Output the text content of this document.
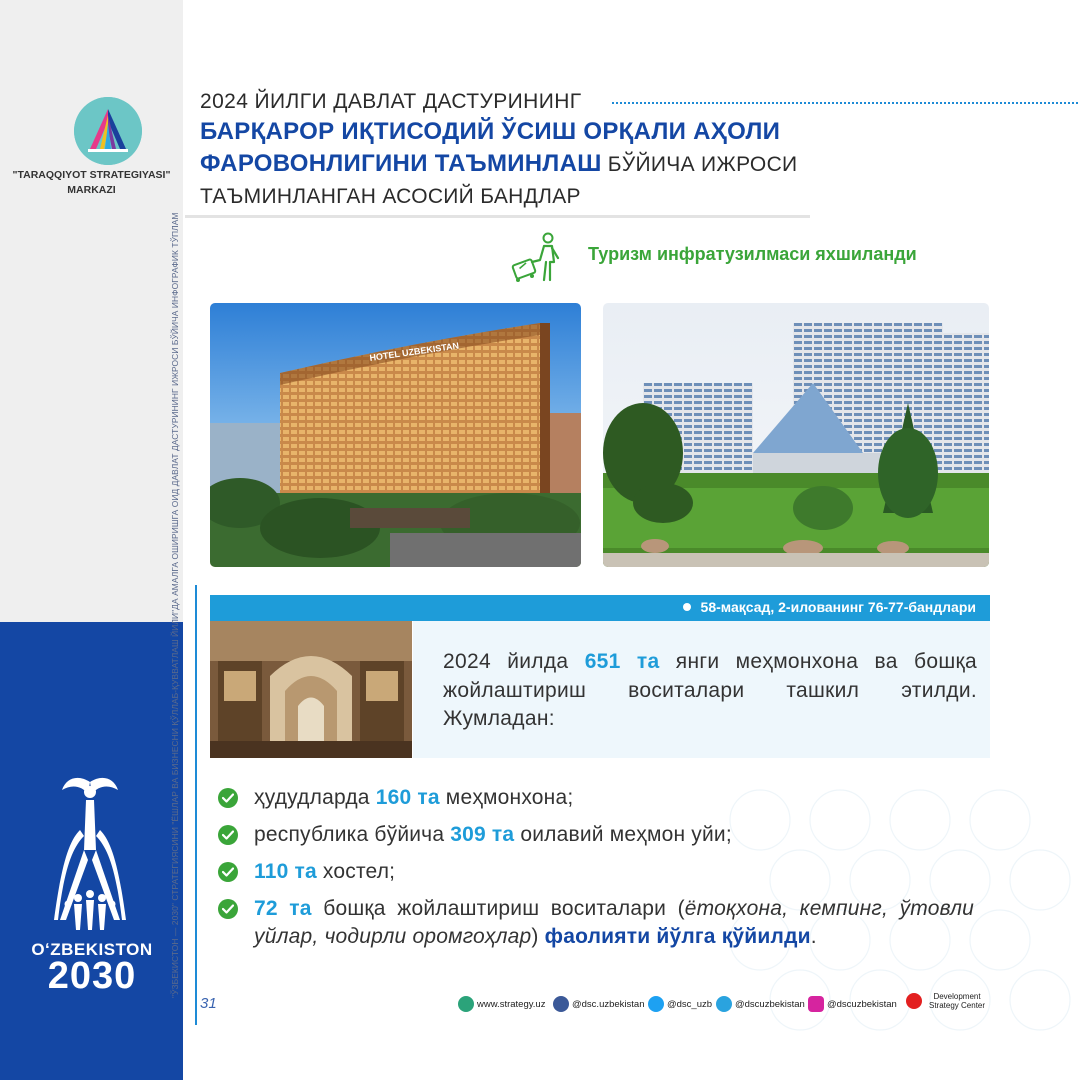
"TARAQQIYOT STRATEGIYASI"
MARKAZI
"ЎЗБЕКИСТОН — 2030" СТРАТЕГИЯСИНИ "ЁШЛАР ВА БИЗНЕСНИ ҚЎЛЛАБ-ҚУВВАТЛАШ ЙИЛИ"ДА АМАЛГА ОШИРИШГА ОИД ДАВЛАТ ДАСТУРИНИНГ ИЖРОСИ БЎЙИЧА ИНФОГРАФИК ТЎПЛАМ
OʻZBEKISTON
2030
31
2024 ЙИЛГИ ДАВЛАТ ДАСТУРИНИНГ
БАРҚАРОР ИҚТИСОДИЙ ЎСИШ ОРҚАЛИ АҲОЛИ
ФАРОВОНЛИГИНИ ТАЪМИНЛАШ БЎЙИЧА ИЖРОСИ
ТАЪМИНЛАНГАН АСОСИЙ БАНДЛАР
Туризм инфратузилмаси яхшиланди
HOTEL UZBEKISTAN
58-мақсад, 2-илованинг 76-77-бандлари
2024 йилда 651 та янги меҳмонхона ва бошқа жойлаштириш воситалари ташкил этилди. Жумладан:
ҳудудларда 160 та меҳмонхона;
республика бўйича 309 та оилавий меҳмон уйи;
110 та хостел;
72 та бошқа жойлаштириш воситалари (ётоқхона, кемпинг, ўтовли уйлар, чодирли оромгоҳлар) фаолияти йўлга қўйилди.
www.strategy.uz	@dsc.uzbekistan @dsc_uzb @dscuzbekistan @dscuzbekistan
Development
Strategy Center
